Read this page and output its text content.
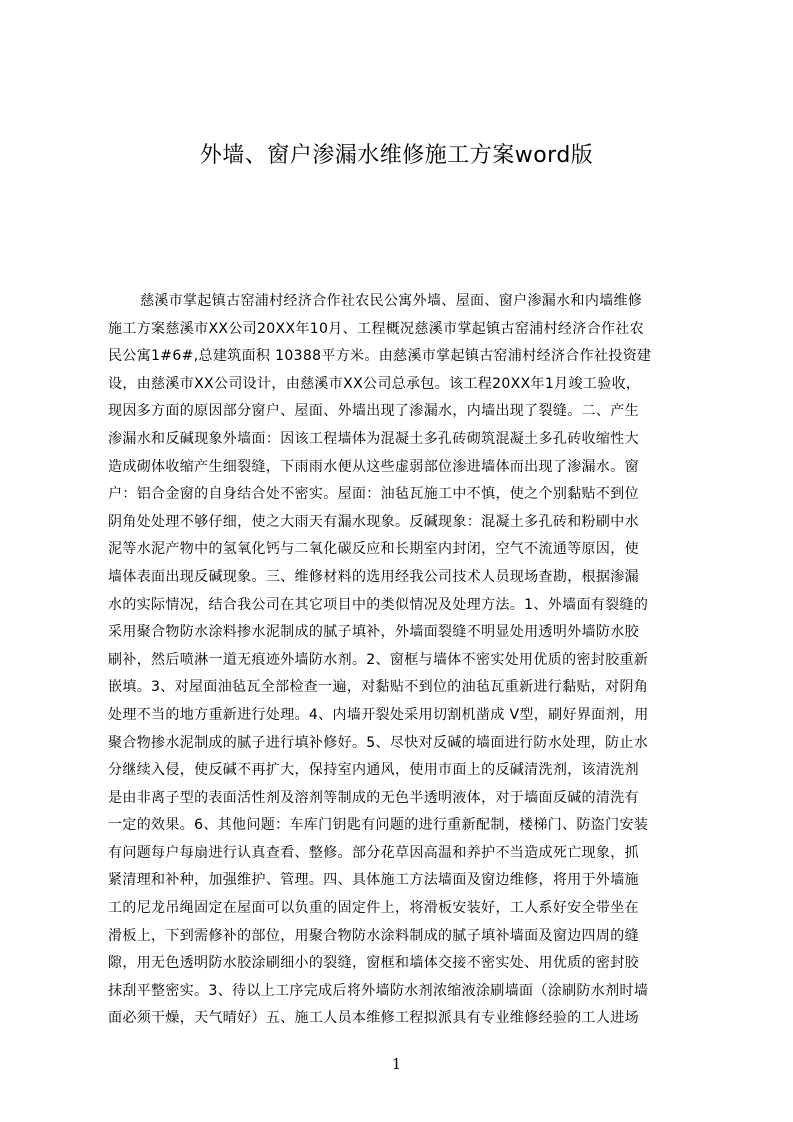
外墙、窗户渗漏水维修施工方案word版
慈溪市掌起镇古窑浦村经济合作社农民公寓外墙、屋面、窗户渗漏水和内墙维修
施工方案慈溪市XX公司20XX年10月、工程概况慈溪市掌起镇古窑浦村经济合作社农
民公寓1#6#,总建筑面积 10388平方米。由慈溪市掌起镇古窑浦村经济合作社投资建
设，由慈溪市XX公司设计，由慈溪市XX公司总承包。该工程20XX年1月竣工验收，
现因多方面的原因部分窗户、屋面、外墙出现了渗漏水，内墙出现了裂缝。二、产生
渗漏水和反碱现象外墙面：因该工程墙体为混凝土多孔砖砌筑混凝土多孔砖收缩性大
造成砌体收缩产生细裂缝，下雨雨水便从这些虚弱部位渗进墙体而出现了渗漏水。窗
户：铝合金窗的自身结合处不密实。屋面：油毡瓦施工中不慎，使之个别黏贴不到位
阴角处处理不够仔细，使之大雨天有漏水现象。反碱现象：混凝土多孔砖和粉刷中水
泥等水泥产物中的氢氧化钙与二氧化碳反应和长期室内封闭，空气不流通等原因，使
墙体表面出现反碱现象。三、维修材料的选用经我公司技术人员现场查勘，根据渗漏
水的实际情况，结合我公司在其它项目中的类似情况及处理方法。1、外墙面有裂缝的
采用聚合物防水涂料掺水泥制成的腻子填补，外墙面裂缝不明显处用透明外墙防水胶
刷补，然后喷淋一道无痕迹外墙防水剂。2、窗框与墙体不密实处用优质的密封胶重新
嵌填。3、对屋面油毡瓦全部检查一遍，对黏贴不到位的油毡瓦重新进行黏贴，对阴角
处理不当的地方重新进行处理。4、内墙开裂处采用切割机凿成 V型，刷好界面剂，用
聚合物掺水泥制成的腻子进行填补修好。5、尽快对反碱的墙面进行防水处理，防止水
分继续入侵，使反碱不再扩大，保持室内通风，使用市面上的反碱清洗剂，该清洗剂
是由非离子型的表面活性剂及溶剂等制成的无色半透明液体，对于墙面反碱的清洗有
一定的效果。6、其他问题：车库门钥匙有问题的进行重新配制，楼梯门、防盗门安装
有问题每户每扇进行认真查看、整修。部分花草因高温和养护不当造成死亡现象，抓
紧清理和补种，加强维护、管理。四、具体施工方法墙面及窗边维修，将用于外墙施
工的尼龙吊绳固定在屋面可以负重的固定件上，将滑板安装好，工人系好安全带坐在
滑板上，下到需修补的部位，用聚合物防水涂料制成的腻子填补墙面及窗边四周的缝
隙，用无色透明防水胶涂刷细小的裂缝，窗框和墙体交接不密实处、用优质的密封胶
抹刮平整密实。3、待以上工序完成后将外墙防水剂浓缩液涂刷墙面（涂刷防水剂时墙
面必须干燥，天气晴好）五、施工人员本维修工程拟派具有专业维修经验的工人进场
1
